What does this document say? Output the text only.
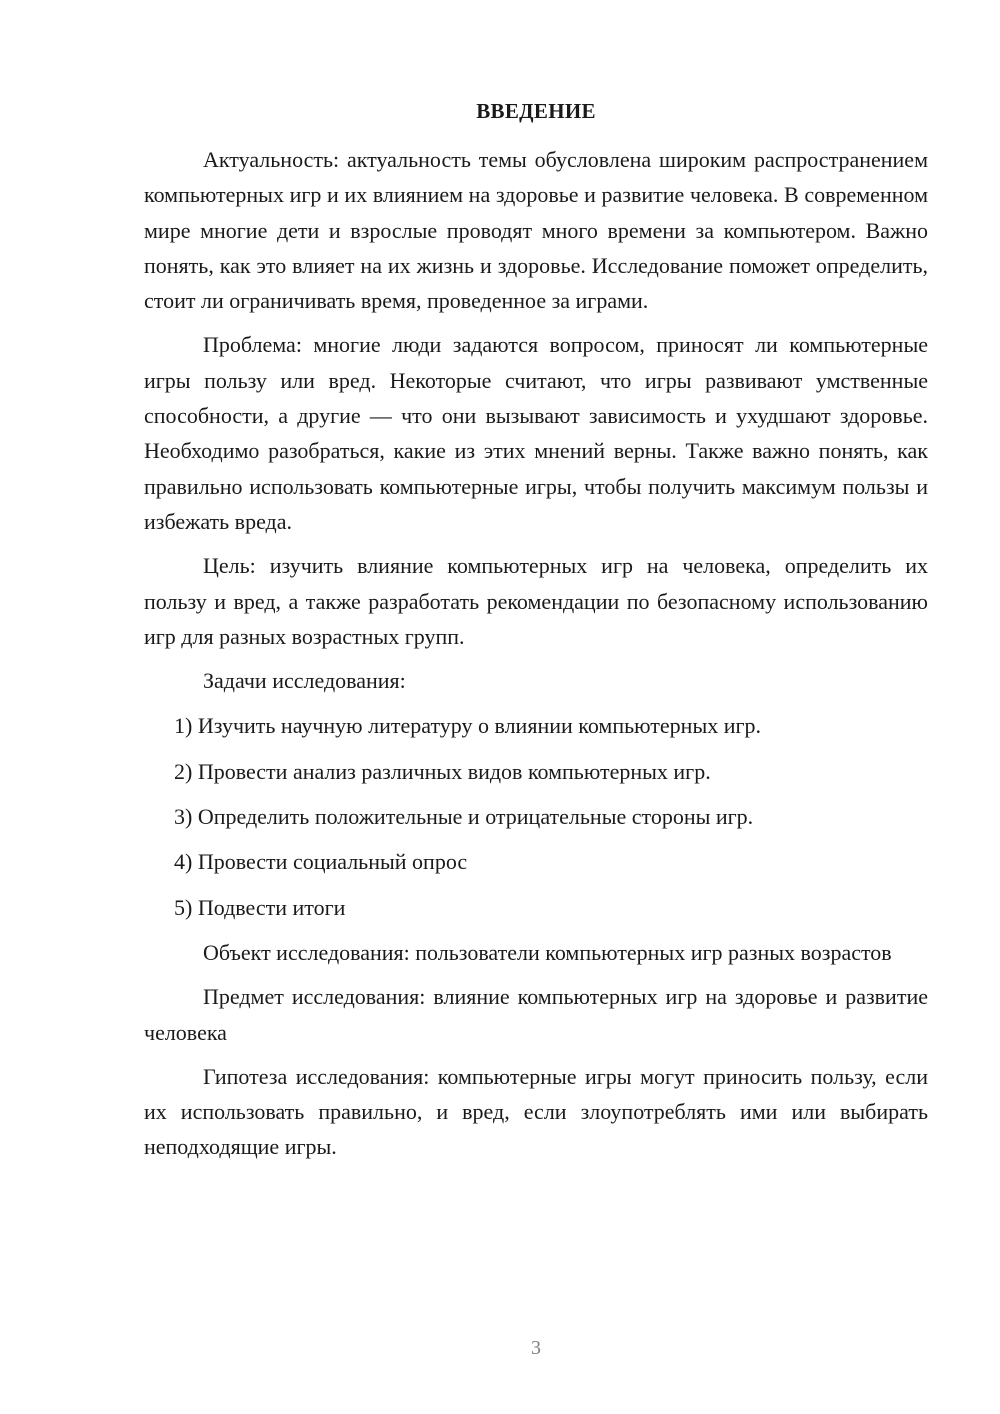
ВВЕДЕНИЕ

Актуальность: актуальность темы обусловлена широким распространением компьютерных игр и их влиянием на здоровье и развитие человека. В современном мире многие дети и взрослые проводят много времени за компьютером. Важно понять, как это влияет на их жизнь и здоровье. Исследование поможет определить, стоит ли ограничивать время, проведенное за играми.

Проблема: многие люди задаются вопросом, приносят ли компьютерные игры пользу или вред. Некоторые считают, что игры развивают умственные способности, а другие — что они вызывают зависимость и ухудшают здоровье. Необходимо разобраться, какие из этих мнений верны. Также важно понять, как правильно использовать компьютерные игры, чтобы получить максимум пользы и избежать вреда.

Цель: изучить влияние компьютерных игр на человека, определить их пользу и вред, а также разработать рекомендации по безопасному использованию игр для разных возрастных групп.

Задачи исследования:

1) Изучить научную литературу о влиянии компьютерных игр.

2) Провести анализ различных видов компьютерных игр.

3) Определить положительные и отрицательные стороны игр.

4) Провести социальный опрос

5) Подвести итоги

Объект исследования: пользователи компьютерных игр разных возрастов

Предмет исследования: влияние компьютерных игр на здоровье и развитие человека

Гипотеза исследования: компьютерные игры могут приносить пользу, если их использовать правильно, и вред, если злоупотреблять ими или выбирать неподходящие игры.

3
